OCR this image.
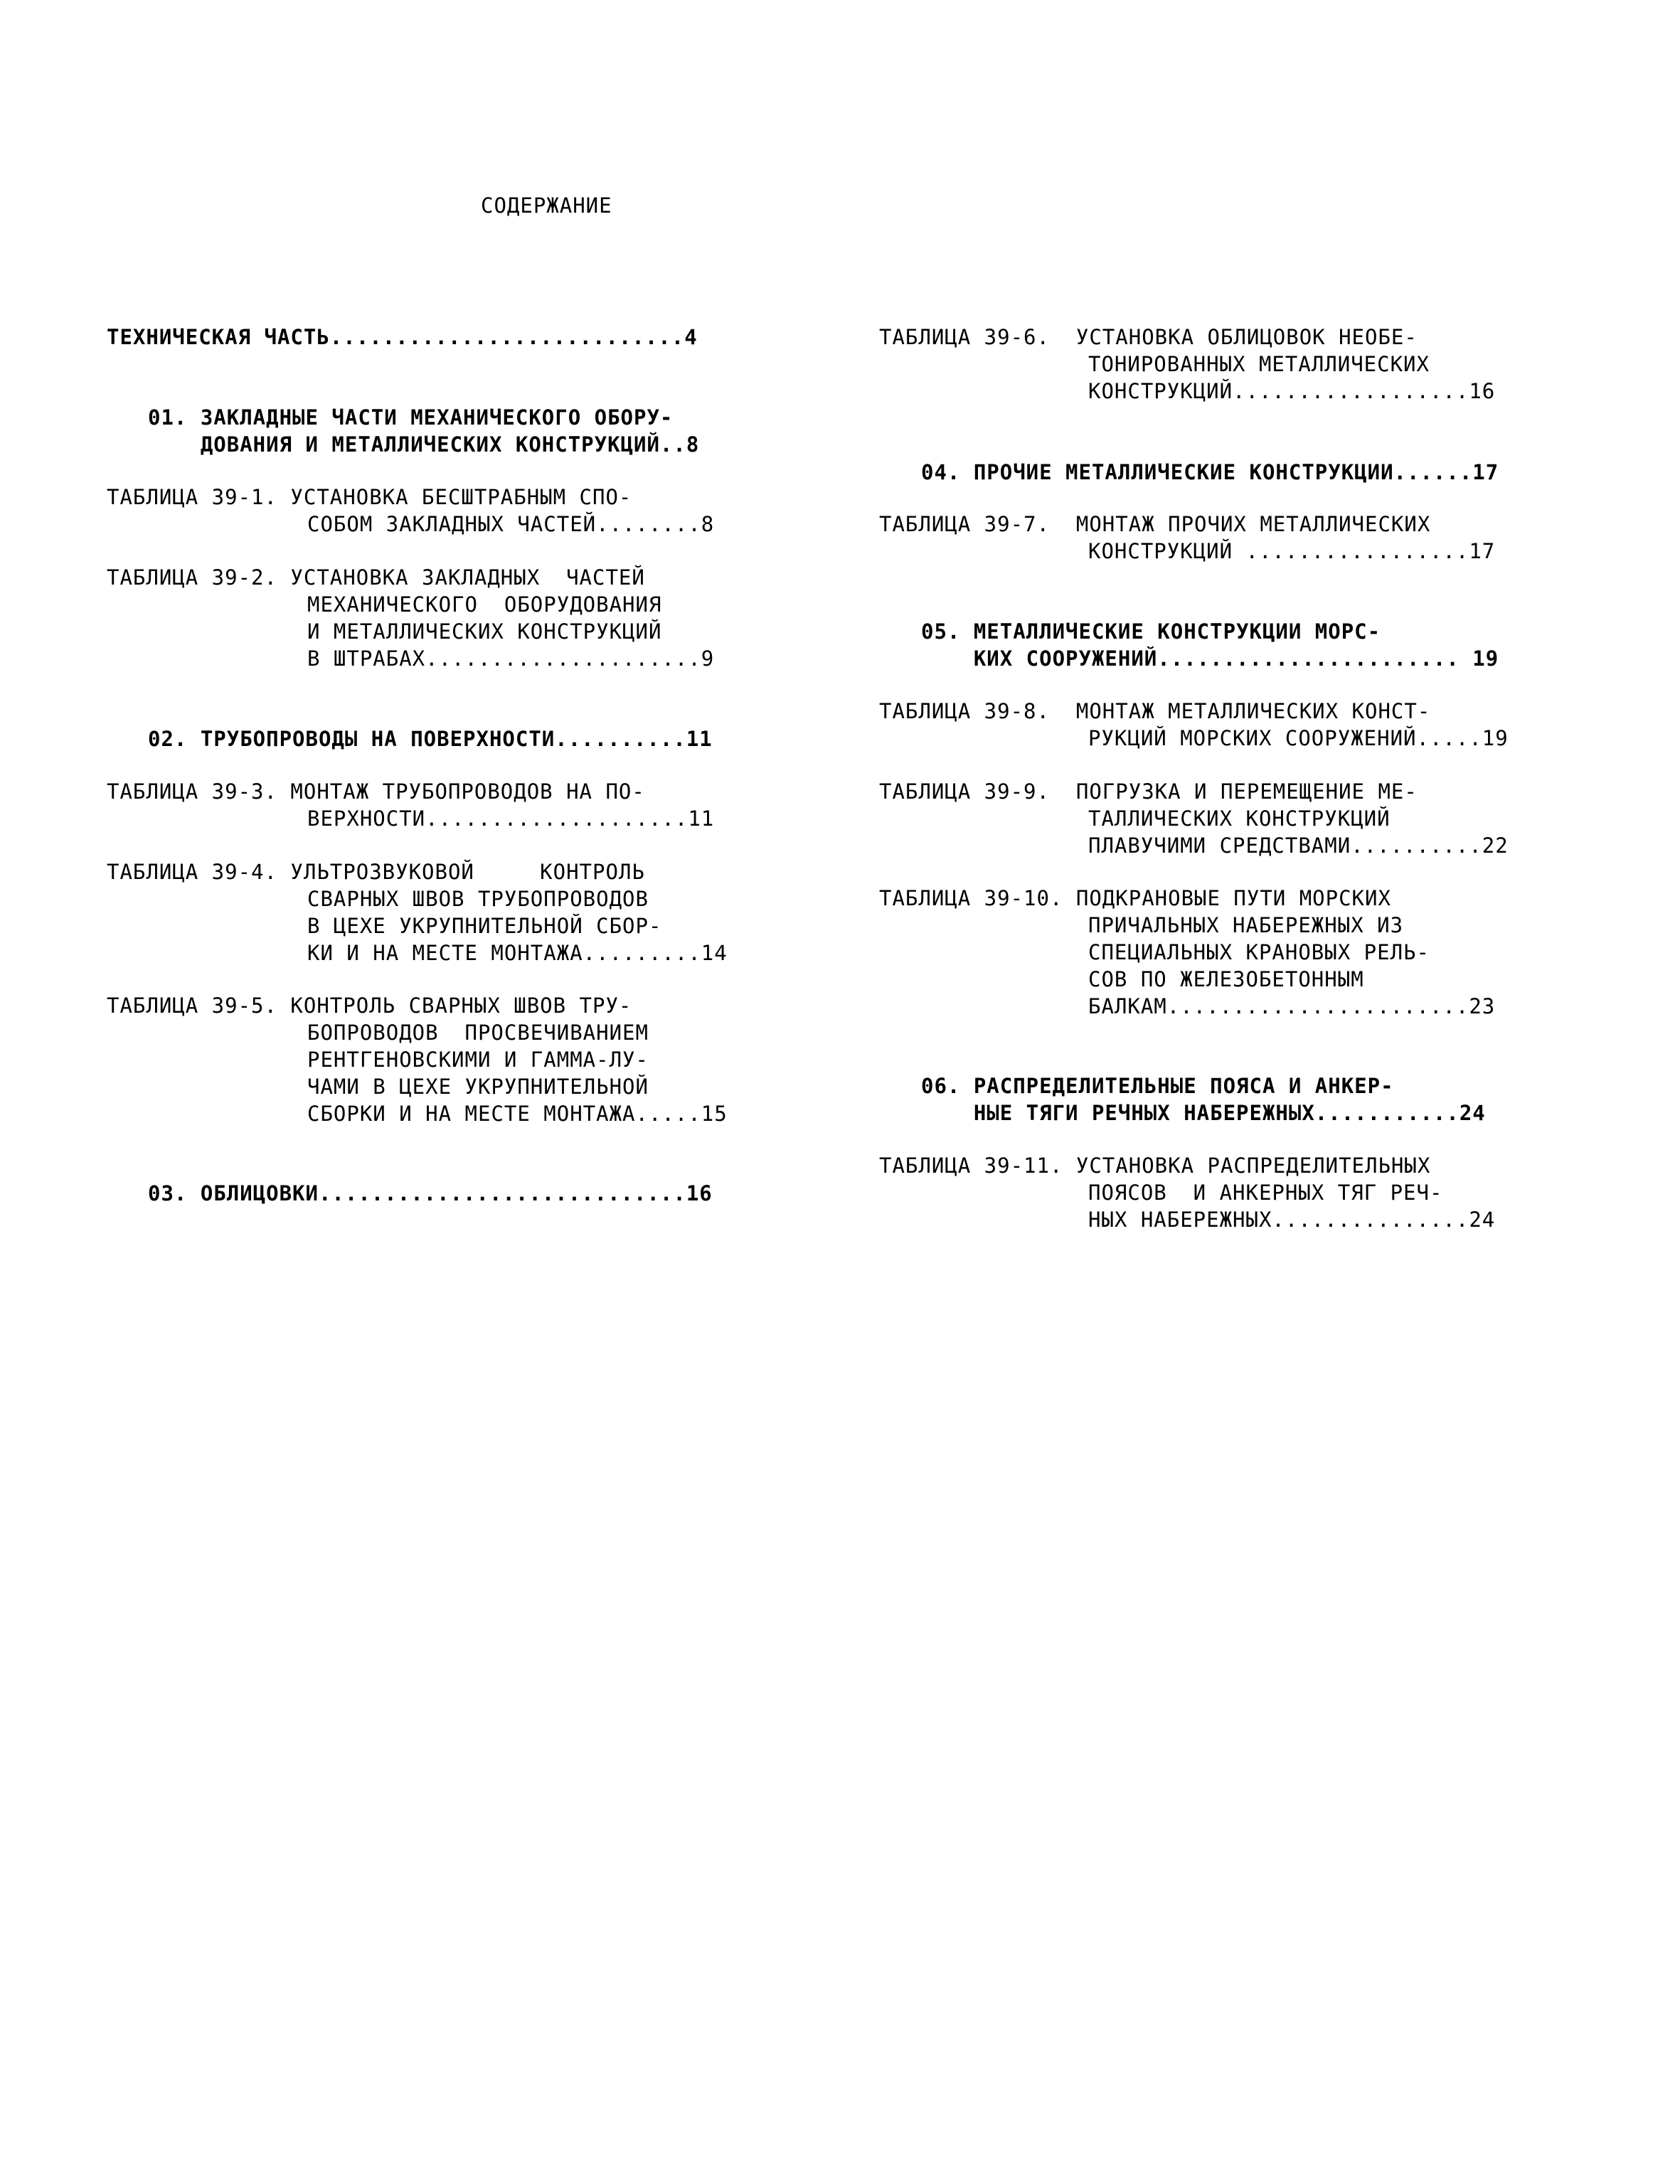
СОДЕРЖАНИЕ
ТЕХНИЧЕСКАЯ ЧАСТЬ...........................4
01. ЗАКЛАДНЫЕ ЧАСТИ МЕХАНИЧЕСКОГО ОБОРУ-
ДОВАНИЯ И МЕТАЛЛИЧЕСКИХ КОНСТРУКЦИЙ..8
ТАБЛИЦА 39-1. УСТАНОВКА БЕСШТРАБНЫМ СПО-
СОБОМ ЗАКЛАДНЫХ ЧАСТЕЙ........8
ТАБЛИЦА 39-2. УСТАНОВКА ЗАКЛАДНЫХ  ЧАСТЕЙ
МЕХАНИЧЕСКОГО  ОБОРУДОВАНИЯ
И МЕТАЛЛИЧЕСКИХ КОНСТРУКЦИЙ
В ШТРАБАХ.....................9
02. ТРУБОПРОВОДЫ НА ПОВЕРХНОСТИ..........11
ТАБЛИЦА 39-3. МОНТАЖ ТРУБОПРОВОДОВ НА ПО-
ВЕРХНОСТИ....................11
ТАБЛИЦА 39-4. УЛЬТРОЗВУКОВОЙ     КОНТРОЛЬ
СВАРНЫХ ШВОВ ТРУБОПРОВОДОВ
В ЦЕХЕ УКРУПНИТЕЛЬНОЙ СБОР-
КИ И НА МЕСТЕ МОНТАЖА.........14
ТАБЛИЦА 39-5. КОНТРОЛЬ СВАРНЫХ ШВОВ ТРУ-
БОПРОВОДОВ  ПРОСВЕЧИВАНИЕМ
РЕНТГЕНОВСКИМИ И ГАММА-ЛУ-
ЧАМИ В ЦЕХЕ УКРУПНИТЕЛЬНОЙ
СБОРКИ И НА МЕСТЕ МОНТАЖА.....15
03. ОБЛИЦОВКИ............................16
ТАБЛИЦА 39-6.  УСТАНОВКА ОБЛИЦОВОК НЕОБЕ-
ТОНИРОВАННЫХ МЕТАЛЛИЧЕСКИХ
КОНСТРУКЦИЙ..................16
04. ПРОЧИЕ МЕТАЛЛИЧЕСКИЕ КОНСТРУКЦИИ......17
ТАБЛИЦА 39-7.  МОНТАЖ ПРОЧИХ МЕТАЛЛИЧЕСКИХ
КОНСТРУКЦИЙ .................17
05. МЕТАЛЛИЧЕСКИЕ КОНСТРУКЦИИ МОРС-
КИХ СООРУЖЕНИЙ....................... 19
ТАБЛИЦА 39-8.  МОНТАЖ МЕТАЛЛИЧЕСКИХ КОНСТ-
РУКЦИЙ МОРСКИХ СООРУЖЕНИЙ.....19
ТАБЛИЦА 39-9.  ПОГРУЗКА И ПЕРЕМЕЩЕНИЕ МЕ-
ТАЛЛИЧЕСКИХ КОНСТРУКЦИЙ
ПЛАВУЧИМИ СРЕДСТВАМИ..........22
ТАБЛИЦА 39-10. ПОДКРАНОВЫЕ ПУТИ МОРСКИХ
ПРИЧАЛЬНЫХ НАБЕРЕЖНЫХ ИЗ
СПЕЦИАЛЬНЫХ КРАНОВЫХ РЕЛЬ-
СОВ ПО ЖЕЛЕЗОБЕТОННЫМ
БАЛКАМ.......................23
06. РАСПРЕДЕЛИТЕЛЬНЫЕ ПОЯСА И АНКЕР-
НЫЕ ТЯГИ РЕЧНЫХ НАБЕРЕЖНЫХ...........24
ТАБЛИЦА 39-11. УСТАНОВКА РАСПРЕДЕЛИТЕЛЬНЫХ
ПОЯСОВ  И АНКЕРНЫХ ТЯГ РЕЧ-
НЫХ НАБЕРЕЖНЫХ...............24
